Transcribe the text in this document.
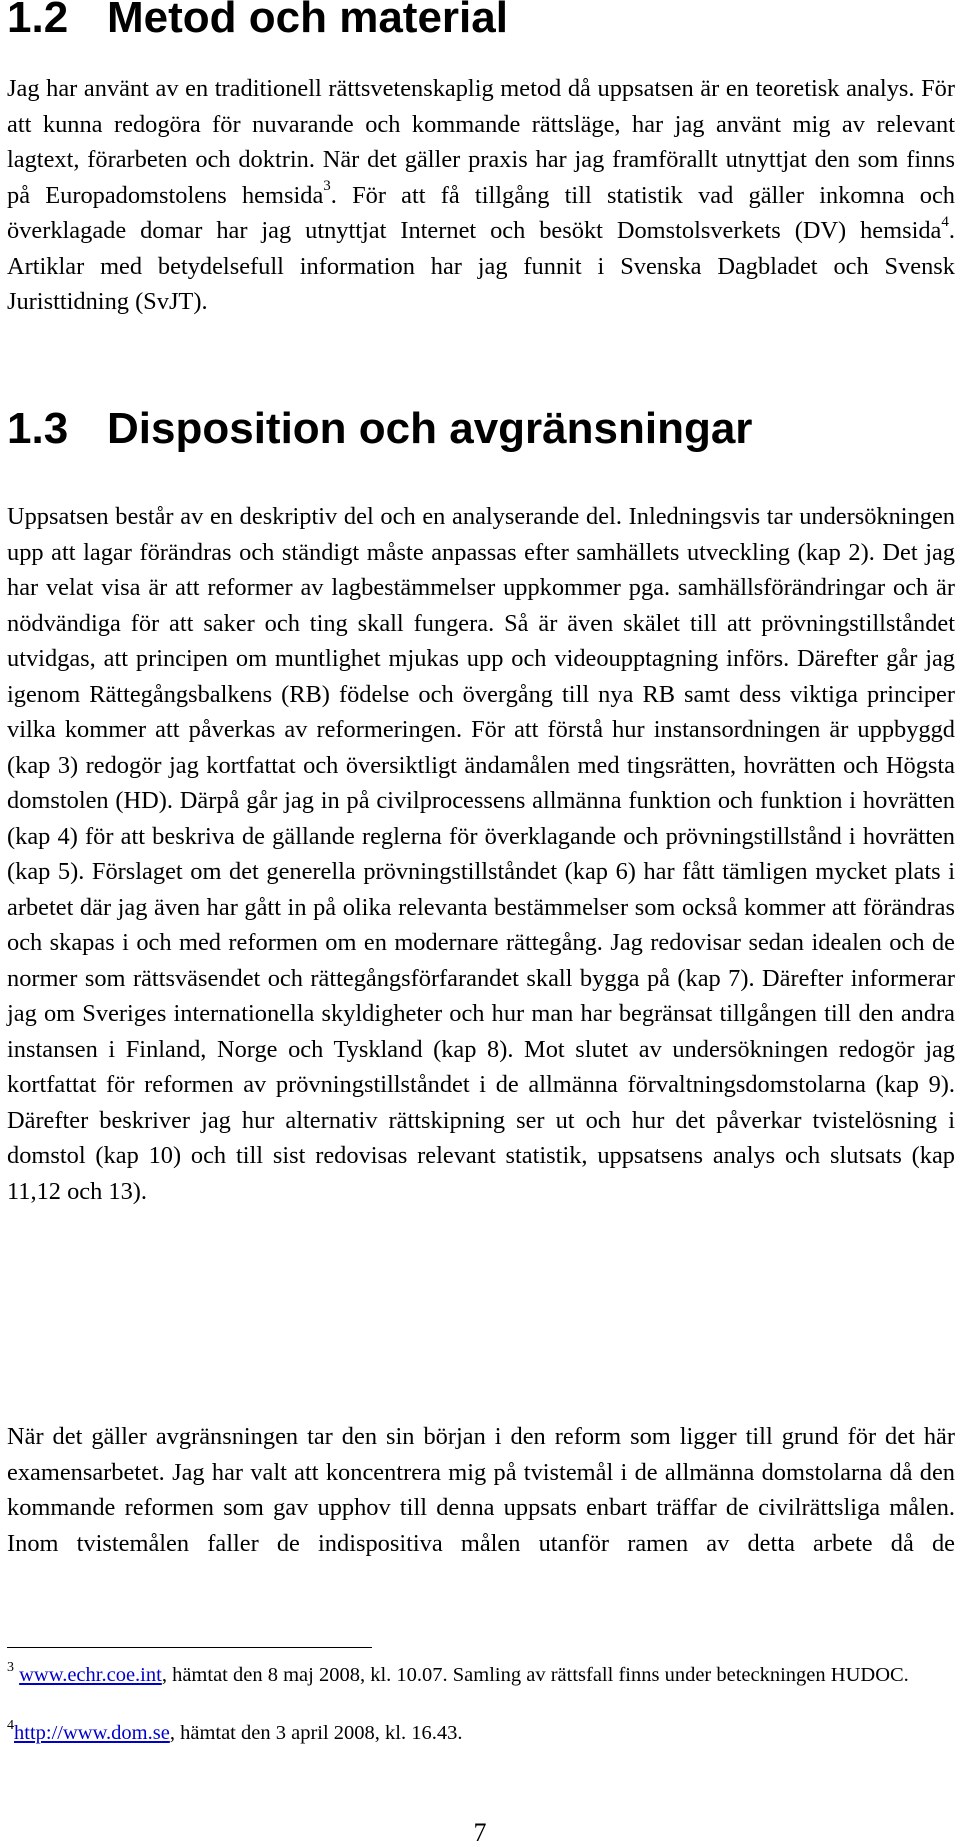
1.2 Metod och material

Jag har använt av en traditionell rättsvetenskaplig metod då uppsatsen är en teoretisk analys. För att kunna redogöra för nuvarande och kommande rättsläge, har jag använt mig av relevant lagtext, förarbeten och doktrin. När det gäller praxis har jag framförallt utnyttjat den som finns på Europadomstolens hemsida$^3$. För att få tillgång till statistik vad gäller inkomna och överklagade domar har jag utnyttjat Internet och besökt Domstolsverkets (DV) hemsida$^4$. Artiklar med betydelsefull information har jag funnit i Svenska Dagbladet och Svensk Juristtidning (SvJT).

1.3 Disposition och avgränsningar

Uppsatsen består av en deskriptiv del och en analyserande del. Inledningsvis tar undersökningen upp att lagar förändras och ständigt måste anpassas efter samhällets utveckling (kap 2). Det jag har velat visa är att reformer av lagbestämmelser uppkommer pga. samhällsförändringar och är nödvändiga för att saker och ting skall fungera. Så är även skälet till att prövningstillståndet utvidgas, att principen om muntlighet mjukas upp och videoupptagning införs. Därefter går jag igenom Rättegångsbalkens (RB) födelse och övergång till nya RB samt dess viktiga principer vilka kommer att påverkas av reformeringen. För att förstå hur instansordningen är uppbyggd (kap 3) redogör jag kortfattat och översiktligt ändamålen med tingsrätten, hovrätten och Högsta domstolen (HD). Därpå går jag in på civilprocessens allmänna funktion och funktion i hovrätten (kap 4) för att beskriva de gällande reglerna för överklagande och prövningstillstånd i hovrätten (kap 5). Förslaget om det generella prövningstillståndet (kap 6) har fått tämligen mycket plats i arbetet där jag även har gått in på olika relevanta bestämmelser som också kommer att förändras och skapas i och med reformen om en modernare rättegång. Jag redovisar sedan idealen och de normer som rättsväsendet och rättegångsförfarandet skall bygga på (kap 7). Därefter informerar jag om Sveriges internationella skyldigheter och hur man har begränsat tillgången till den andra instansen i Finland, Norge och Tyskland (kap 8). Mot slutet av undersökningen redogör jag kortfattat för reformen av prövningstillståndet i de allmänna förvaltningsdomstolarna (kap 9). Därefter beskriver jag hur alternativ rättskipning ser ut och hur det påverkar tvistelösning i domstol (kap 10) och till sist redovisas relevant statistik, uppsatsens analys och slutsats (kap 11,12 och 13).

När det gäller avgränsningen tar den sin början i den reform som ligger till grund för det här examensarbetet. Jag har valt att koncentrera mig på tvistemål i de allmänna domstolarna då den kommande reformen som gav upphov till denna uppsats enbart träffar de civilrättsliga målen. Inom tvistemålen faller de indispositiva målen utanför ramen av detta arbete då de

$^3$ www.echr.coe.int, hämtat den 8 maj 2008, kl. 10.07. Samling av rättsfall finns under beteckningen HUDOC.

$^4$http://www.dom.se, hämtat den 3 april 2008, kl. 16.43.

7
